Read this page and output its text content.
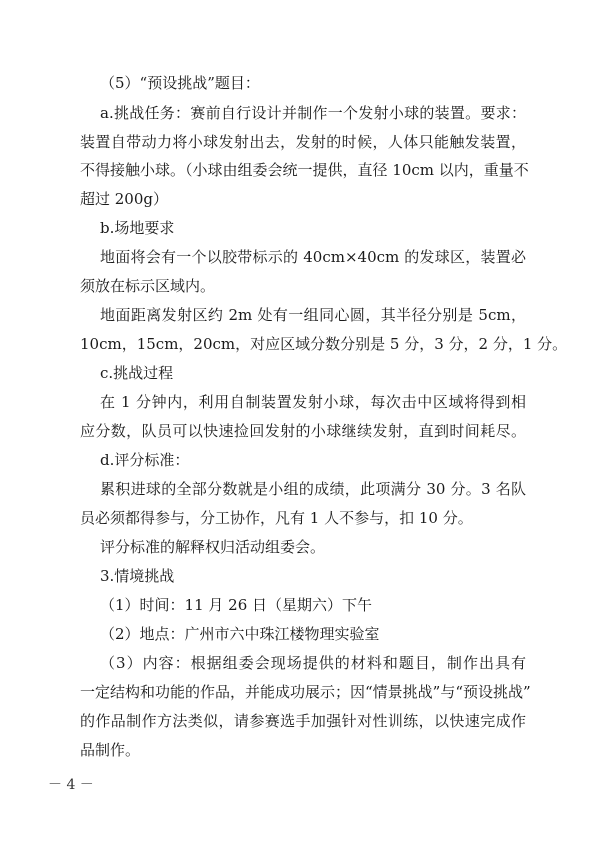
（5）“预设挑战”题目：
a.挑战任务：赛前自行设计并制作一个发射小球的装置。要求：
装置自带动力将小球发射出去，发射的时候，人体只能触发装置，
不得接触小球。（小球由组委会统一提供，直径 10cm 以内，重量不
超过 200g）
b.场地要求
地面将会有一个以胶带标示的 40cm×40cm 的发球区，装置必
须放在标示区域内。
地面距离发射区约 2m 处有一组同心圆，其半径分别是 5cm，
10cm，15cm，20cm，对应区域分数分别是 5 分，3 分，2 分，1 分。
c.挑战过程
在 1 分钟内，利用自制装置发射小球，每次击中区域将得到相
应分数，队员可以快速捡回发射的小球继续发射，直到时间耗尽。
d.评分标准：
累积进球的全部分数就是小组的成绩，此项满分 30 分。3 名队
员必须都得参与，分工协作，凡有 1 人不参与，扣 10 分。
评分标准的解释权归活动组委会。
3.情境挑战
（1）时间：11 月 26 日（星期六）下午
（2）地点：广州市六中珠江楼物理实验室
（3）内容：根据组委会现场提供的材料和题目，制作出具有
一定结构和功能的作品，并能成功展示；因“情景挑战”与“预设挑战”
的作品制作方法类似，请参赛选手加强针对性训练，以快速完成作
品制作。
－ 4 －
